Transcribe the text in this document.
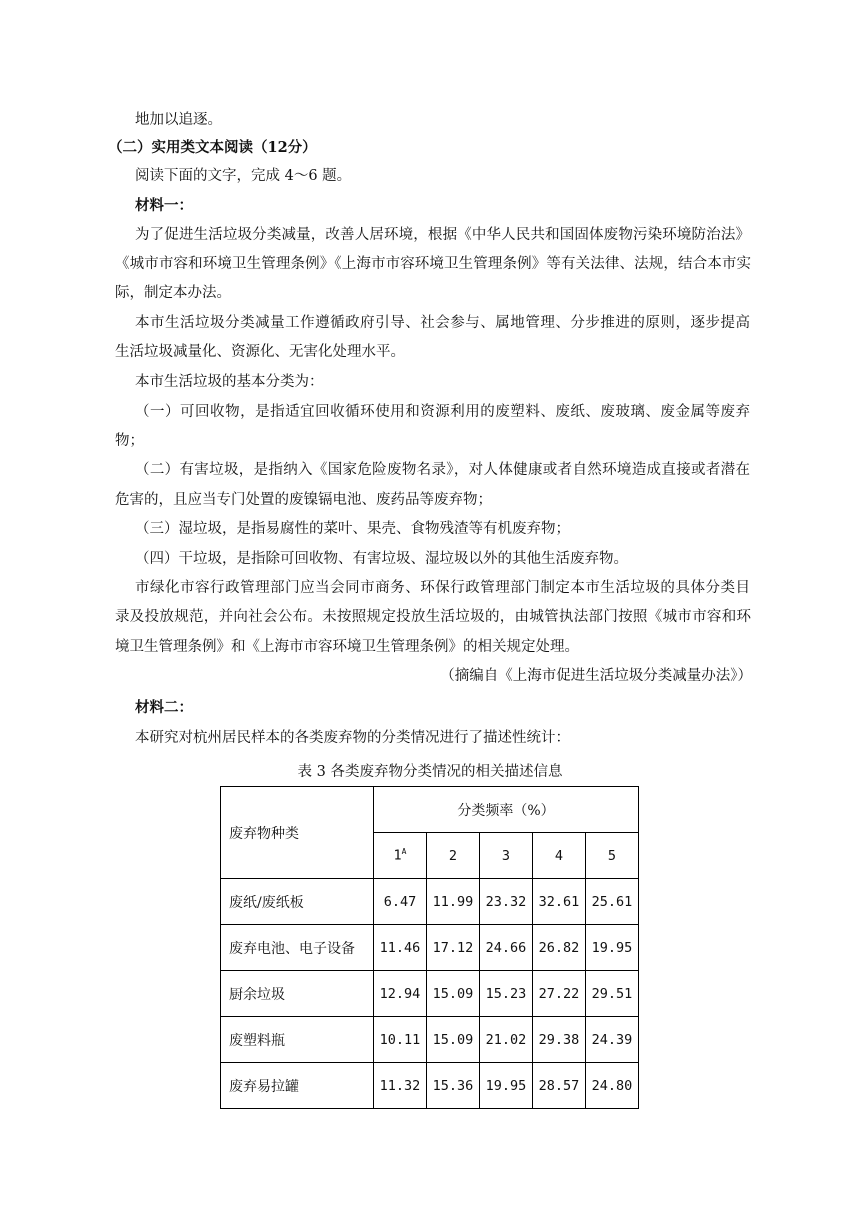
地加以追逐。
（二）实用类文本阅读（12分）
阅读下面的文字，完成 4～6 题。
材料一：
为了促进生活垃圾分类减量，改善人居环境，根据《中华人民共和国固体废物污染环境防治法》
《城市市容和环境卫生管理条例》《上海市市容环境卫生管理条例》等有关法律、法规，结合本市实
际，制定本办法。
本市生活垃圾分类减量工作遵循政府引导、社会参与、属地管理、分步推进的原则，逐步提高
生活垃圾减量化、资源化、无害化处理水平。
本市生活垃圾的基本分类为：
（一）可回收物，是指适宜回收循环使用和资源利用的废塑料、废纸、废玻璃、废金属等废弃
物；
（二）有害垃圾，是指纳入《国家危险废物名录》，对人体健康或者自然环境造成直接或者潜在
危害的，且应当专门处置的废镍镉电池、废药品等废弃物；
（三）湿垃圾，是指易腐性的菜叶、果壳、食物残渣等有机废弃物；
（四）干垃圾，是指除可回收物、有害垃圾、湿垃圾以外的其他生活废弃物。
市绿化市容行政管理部门应当会同市商务、环保行政管理部门制定本市生活垃圾的具体分类目
录及投放规范，并向社会公布。未按照规定投放生活垃圾的，由城管执法部门按照《城市市容和环
境卫生管理条例》和《上海市市容环境卫生管理条例》的相关规定处理。
（摘编自《上海市促进生活垃圾分类减量办法》）
材料二：
本研究对杭州居民样本的各类废弃物的分类情况进行了描述性统计：
表 3 各类废弃物分类情况的相关描述信息
废弃物种类	分类频率（%）				
	$1^A$	2	3	4	5
废纸/废纸板	6.47	11.99	23.32	32.61	25.61
废弃电池、电子设备	11.46	17.12	24.66	26.82	19.95
厨余垃圾	12.94	15.09	15.23	27.22	29.51
废塑料瓶	10.11	15.09	21.02	29.38	24.39
废弃易拉罐	11.32	15.36	19.95	28.57	24.80
